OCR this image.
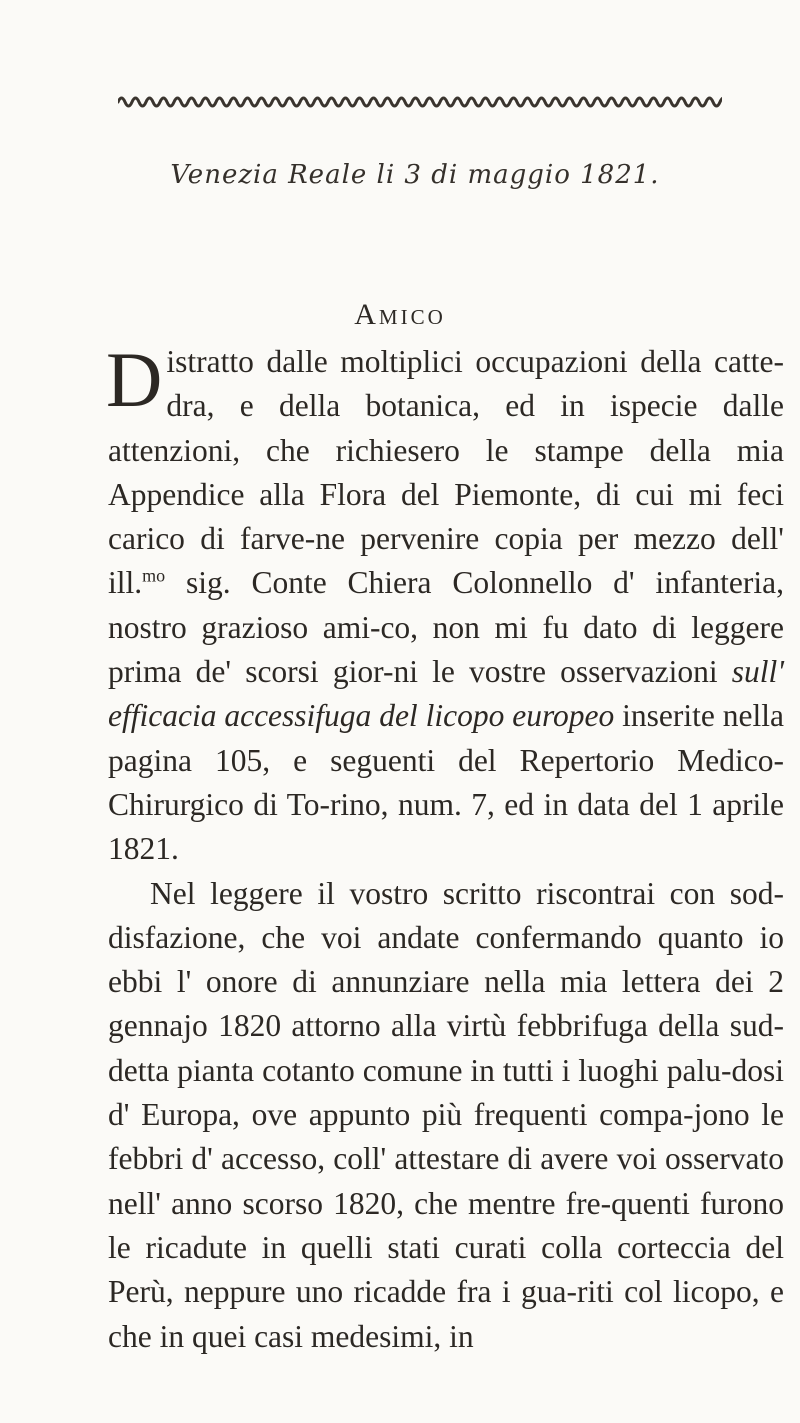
Venezia Reale li 3 di maggio 1821.
Amico

Distratto dalle moltiplici occupazioni della catte-dra, e della botanica, ed in ispecie dalle attenzioni, che richiesero le stampe della mia Appendice alla Flora del Piemonte, di cui mi feci carico di farve-ne pervenire copia per mezzo dell' ill.$^{mo}$ sig. Conte Chiera Colonnello d' infanteria, nostro grazioso ami-co, non mi fu dato di leggere prima de' scorsi gior-ni le vostre osservazioni sull' efficacia accessifuga del licopo europeo inserite nella pagina 105, e seguenti del Repertorio Medico-Chirurgico di To-rino, num. 7, ed in data del 1 aprile 1821.

Nel leggere il vostro scritto riscontrai con sod-disfazione, che voi andate confermando quanto io ebbi l' onore di annunziare nella mia lettera dei 2 gennajo 1820 attorno alla virtù febbrifuga della sud-detta pianta cotanto comune in tutti i luoghi palu-dosi d' Europa, ove appunto più frequenti compa-jono le febbri d' accesso, coll' attestare di avere voi osservato nell' anno scorso 1820, che mentre fre-quenti furono le ricadute in quelli stati curati colla corteccia del Perù, neppure uno ricadde fra i gua-riti col licopo, e che in quei casi medesimi, in
